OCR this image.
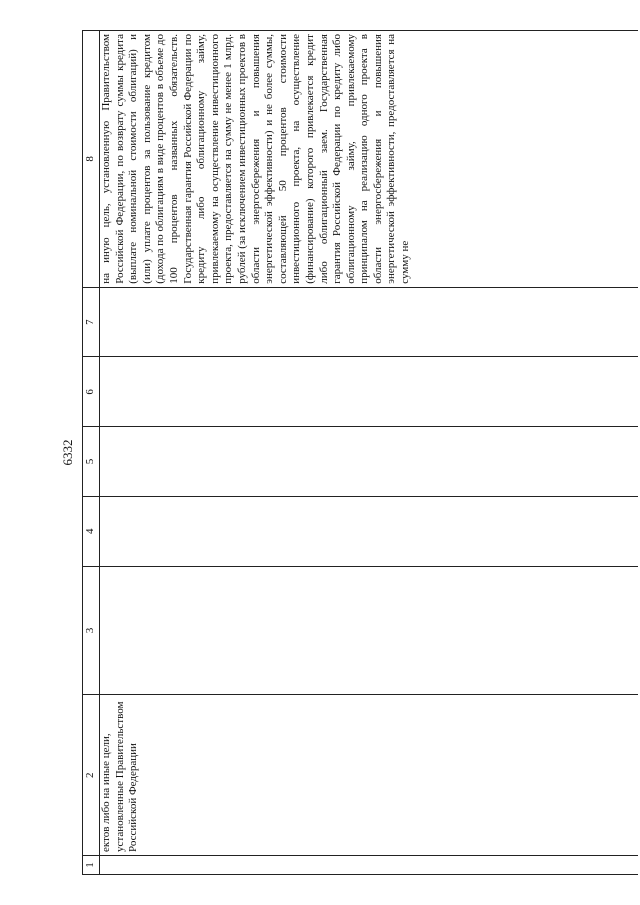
6332
1	2	3	4	5	6	7	8
	ектов либо на иные цели, установленные Правительством Российской Федерации						на иную цель, установленную Правительством Российской Федерации, по возврату суммы кредита (выплате номинальной стоимости облигаций) и (или) уплате процентов за пользование кредитом (дохода по облигациям в виде процентов в объеме до 100 процентов названных обязательств. Государственная гарантия Российской Федерации по кредиту либо облигационному займу, привлекаемому на осуществление инвестиционного проекта, предоставляется на сумму не менее 1 млрд. рублей (за исключением инвестиционных проектов в области энергосбережения и повышения энергетической эффективности) и не более суммы, составляющей 50 процентов стоимости инвестиционного проекта, на осуществление (финансирование) которого привлекается кредит либо облигационный заем. Государственная гарантия Российской Федерации по кредиту либо облигационному займу, привлекаемому принципалом на реализацию одного проекта в области энергосбережения и повышения энергетической эффективности, предоставляется на сумму не
